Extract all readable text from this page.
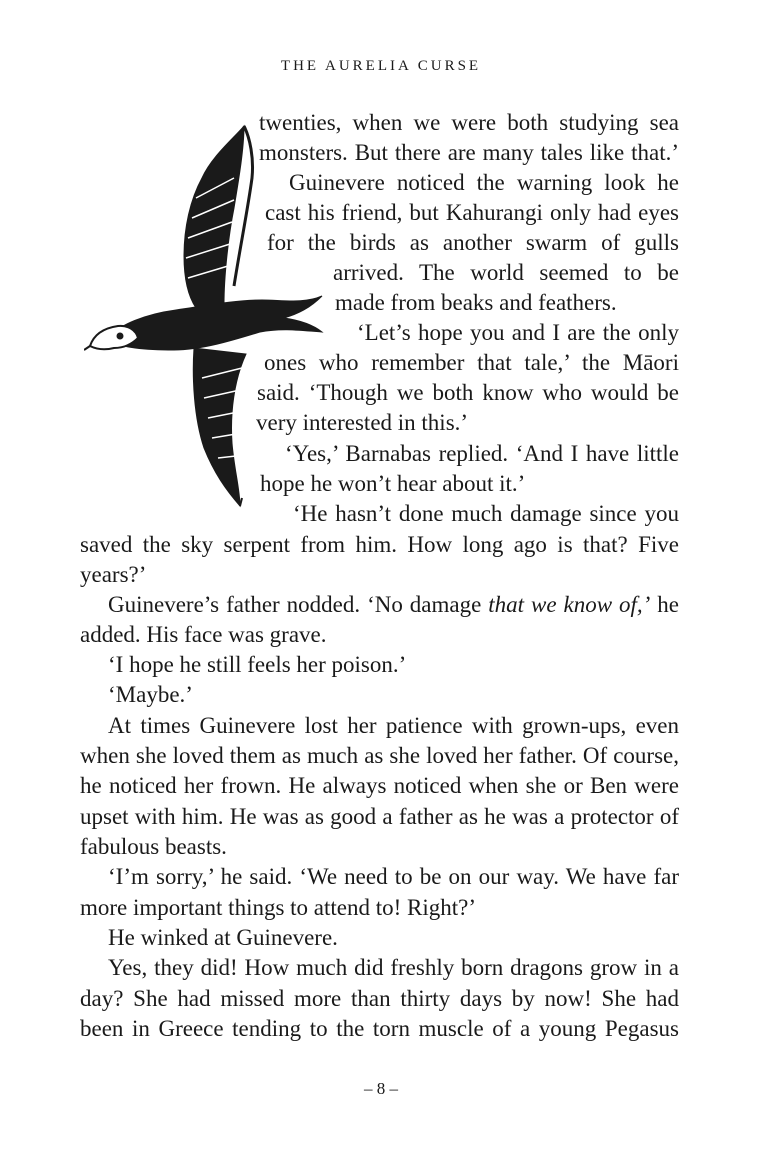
THE AURELIA CURSE
twenties, when we were both studying sea
monsters. But there are many tales like that.’
Guinevere noticed the warning look he
cast his friend, but Kahurangi only had eyes
for the birds as another swarm of gulls
arrived. The world seemed to be
made from beaks and feathers.
‘Let’s hope you and I are the only
ones who remember that tale,’ the Māori
said. ‘Though we both know who would be
very interested in this.’
‘Yes,’ Barnabas replied. ‘And I have little
hope he won’t hear about it.’
‘He hasn’t done much damage since you
saved the sky serpent from him. How long ago is that? Five
years?’
Guinevere’s father nodded. ‘No damage that we know of,’ he
added. His face was grave.
‘I hope he still feels her poison.’
‘Maybe.’
At times Guinevere lost her patience with grown-ups, even
when she loved them as much as she loved her father. Of course,
he noticed her frown. He always noticed when she or Ben were
upset with him. He was as good a father as he was a protector of
fabulous beasts.
‘I’m sorry,’ he said. ‘We need to be on our way. We have far
more important things to attend to! Right?’
He winked at Guinevere.
Yes, they did! How much did freshly born dragons grow in a
day? She had missed more than thirty days by now! She had
been in Greece tending to the torn muscle of a young Pegasus
– 8 –
